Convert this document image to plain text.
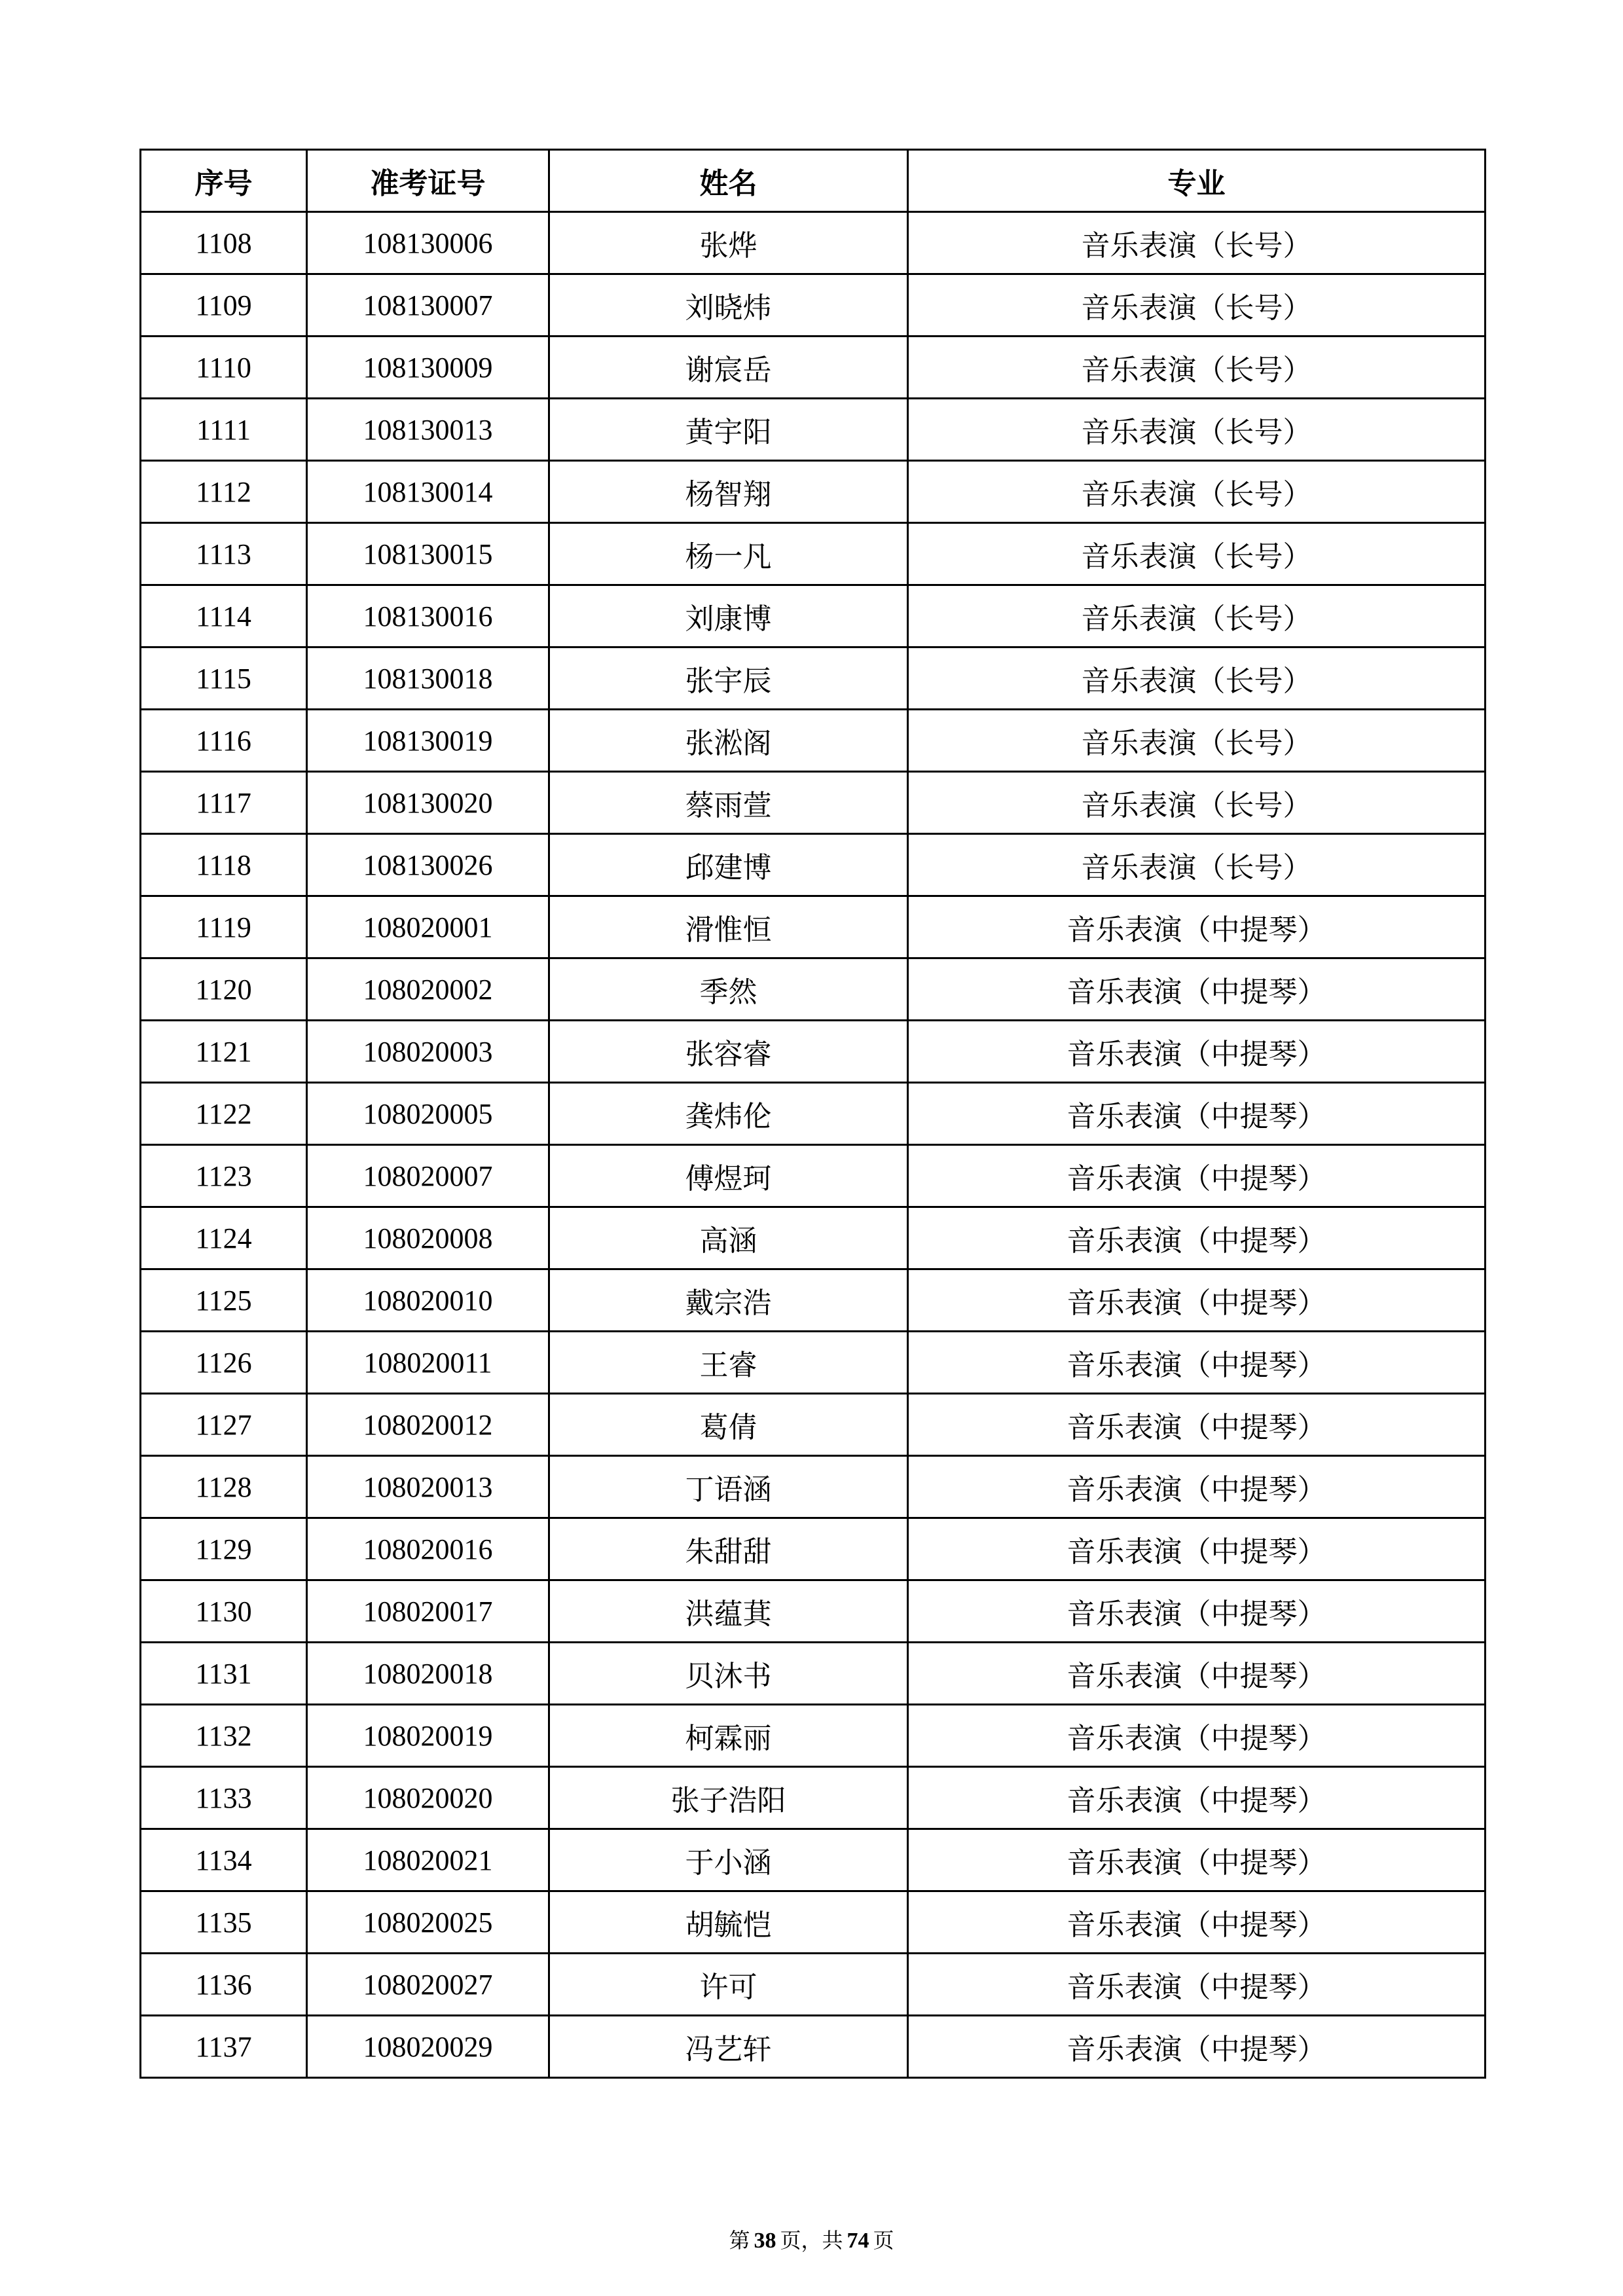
序号	准考证号	姓名	专业
1108	108130006	张烨	音乐表演（长号）
1109	108130007	刘晓炜	音乐表演（长号）
1110	108130009	谢宸岳	音乐表演（长号）
1111	108130013	黄宇阳	音乐表演（长号）
1112	108130014	杨智翔	音乐表演（长号）
1113	108130015	杨一凡	音乐表演（长号）
1114	108130016	刘康博	音乐表演（长号）
1115	108130018	张宇辰	音乐表演（长号）
1116	108130019	张淞阁	音乐表演（长号）
1117	108130020	蔡雨萱	音乐表演（长号）
1118	108130026	邱建博	音乐表演（长号）
1119	108020001	滑惟恒	音乐表演（中提琴）
1120	108020002	季然	音乐表演（中提琴）
1121	108020003	张容睿	音乐表演（中提琴）
1122	108020005	龚炜伦	音乐表演（中提琴）
1123	108020007	傅煜珂	音乐表演（中提琴）
1124	108020008	高涵	音乐表演（中提琴）
1125	108020010	戴宗浩	音乐表演（中提琴）
1126	108020011	王睿	音乐表演（中提琴）
1127	108020012	葛倩	音乐表演（中提琴）
1128	108020013	丁语涵	音乐表演（中提琴）
1129	108020016	朱甜甜	音乐表演（中提琴）
1130	108020017	洪蕴萁	音乐表演（中提琴）
1131	108020018	贝沐书	音乐表演（中提琴）
1132	108020019	柯霖丽	音乐表演（中提琴）
1133	108020020	张子浩阳	音乐表演（中提琴）
1134	108020021	于小涵	音乐表演（中提琴）
1135	108020025	胡毓恺	音乐表演（中提琴）
1136	108020027	许可	音乐表演（中提琴）
1137	108020029	冯艺轩	音乐表演（中提琴）
第 38 页，共 74 页
